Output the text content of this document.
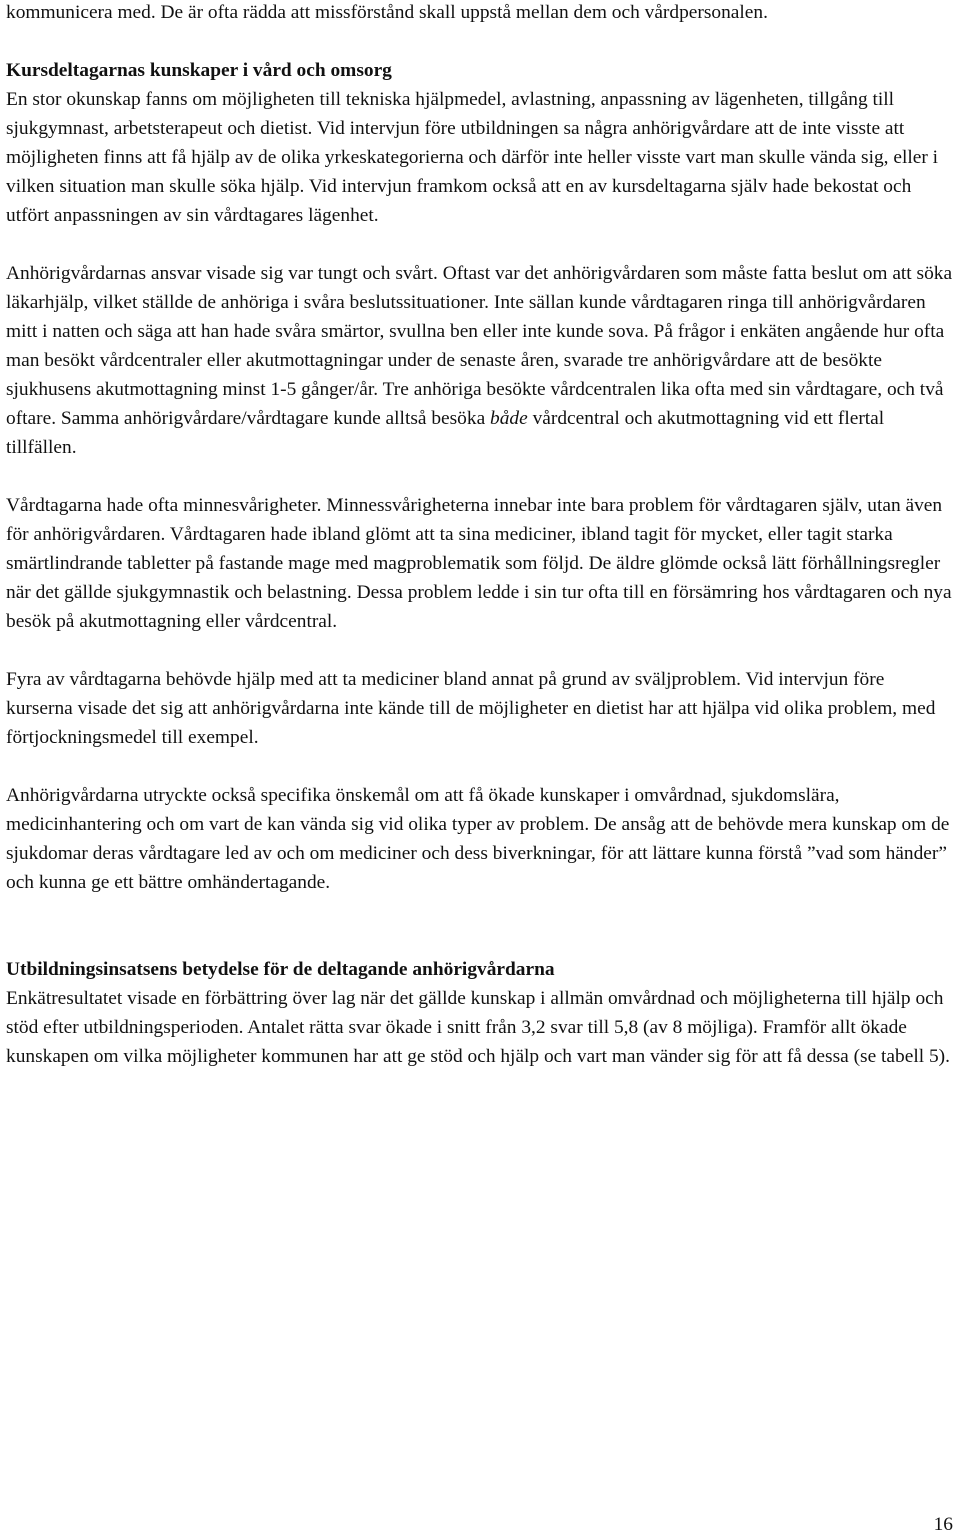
kommunicera med. De är ofta rädda att missförstånd skall uppstå mellan dem och vårdpersonalen.

Kursdeltagarnas kunskaper i vård och omsorg

En stor okunskap fanns om möjligheten till tekniska hjälpmedel, avlastning, anpassning av lägenheten, tillgång till sjukgymnast, arbetsterapeut och dietist. Vid intervjun före utbildningen sa några anhörigvårdare att de inte visste att möjligheten finns att få hjälp av de olika yrkeskategorierna och därför inte heller visste vart man skulle vända sig, eller i vilken situation man skulle söka hjälp. Vid intervjun framkom också att en av kursdeltagarna själv hade bekostat och utfört anpassningen av sin vårdtagares lägenhet.

Anhörigvårdarnas ansvar visade sig var tungt och svårt. Oftast var det anhörigvårdaren som måste fatta beslut om att söka läkarhjälp, vilket ställde de anhöriga i svåra beslutssituationer. Inte sällan kunde vårdtagaren ringa till anhörigvårdaren mitt i natten och säga att han hade svåra smärtor, svullna ben eller inte kunde sova. På frågor i enkäten angående hur ofta man besökt vårdcentraler eller akutmottagningar under de senaste åren, svarade tre anhörigvårdare att de besökte sjukhusens akutmottagning minst 1-5 gånger/år. Tre anhöriga besökte vårdcentralen lika ofta med sin vårdtagare, och två oftare. Samma anhörigvårdare/vårdtagare kunde alltså besöka både vårdcentral och akutmottagning vid ett flertal tillfällen.

Vårdtagarna hade ofta minnesvårigheter. Minnessvårigheterna innebar inte bara problem för vårdtagaren själv, utan även för anhörigvårdaren. Vårdtagaren hade ibland glömt att ta sina mediciner, ibland tagit för mycket, eller tagit starka smärtlindrande tabletter på fastande mage med magproblematik som följd. De äldre glömde också lätt förhållningsregler när det gällde sjukgymnastik och belastning. Dessa problem ledde i sin tur ofta till en försämring hos vårdtagaren och nya besök på akutmottagning eller vårdcentral.

Fyra av vårdtagarna behövde hjälp med att ta mediciner bland annat på grund av sväljproblem. Vid intervjun före kurserna visade det sig att anhörigvårdarna inte kände till de möjligheter en dietist har att hjälpa vid olika problem, med förtjockningsmedel till exempel.

Anhörigvårdarna utryckte också specifika önskemål om att få ökade kunskaper i omvårdnad, sjukdomslära, medicinhantering och om vart de kan vända sig vid olika typer av problem. De ansåg att de behövde mera kunskap om de sjukdomar deras vårdtagare led av och om mediciner och dess biverkningar, för att lättare kunna förstå ”vad som händer” och kunna ge ett bättre omhändertagande.

Utbildningsinsatsens betydelse för de deltagande anhörigvårdarna

Enkätresultatet visade en förbättring över lag när det gällde kunskap i allmän omvårdnad och möjligheterna till hjälp och stöd efter utbildningsperioden. Antalet rätta svar ökade i snitt från 3,2 svar till 5,8 (av 8 möjliga). Framför allt ökade kunskapen om vilka möjligheter kommunen har att ge stöd och hjälp och vart man vänder sig för att få dessa (se tabell 5).

16
